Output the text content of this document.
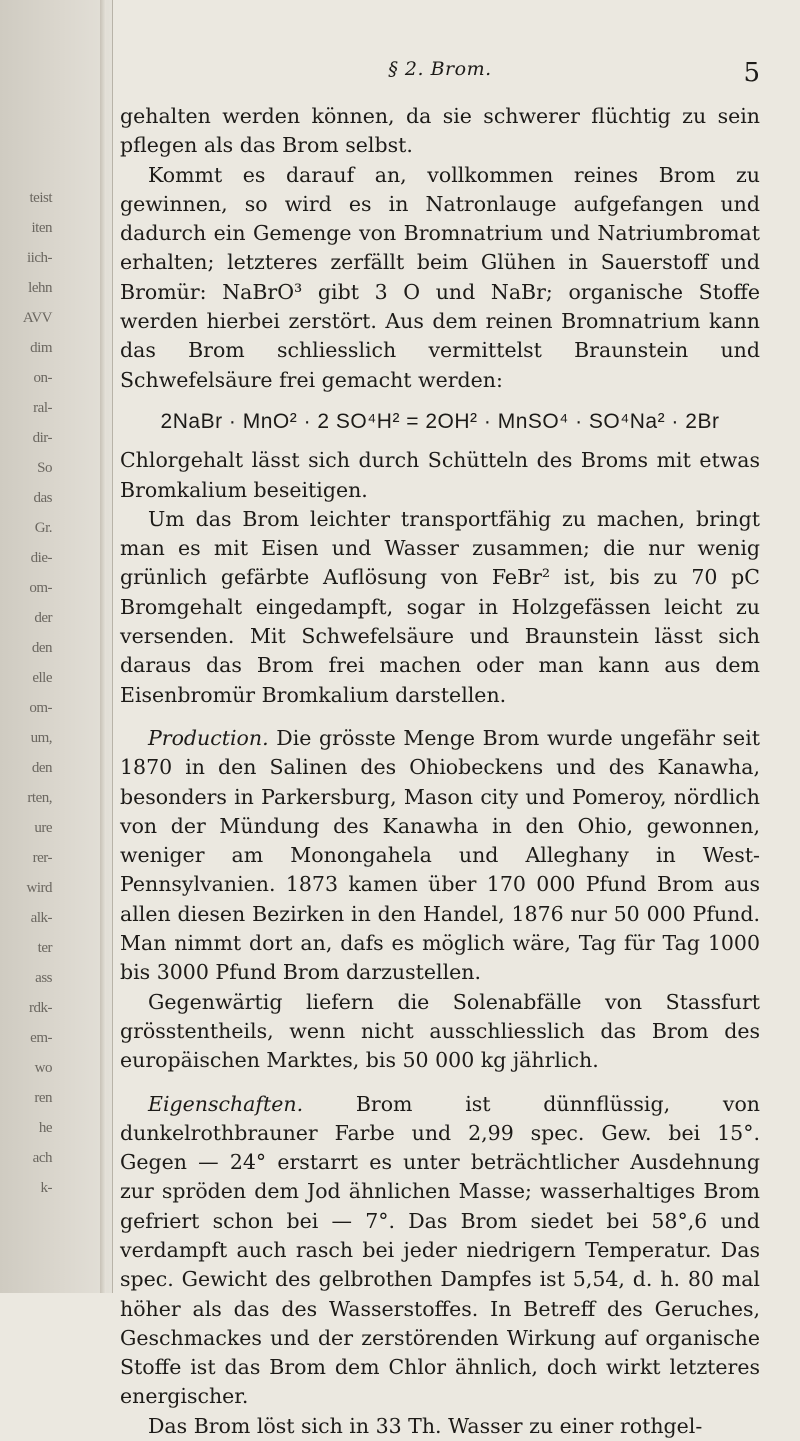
teist
iten
iich-
lehn
AVV
dim
on-
ral-
dir-
So
das
Gr.
die-
om-
der
den
elle
om-
um,
den
rten,
ure
rer-
wird
alk-
ter
ass
rdk-
em-
wo
ren
he
ach
k-
§ 2. Brom.	5

gehalten werden können, da sie schwerer flüchtig zu sein pflegen als das Brom selbst.

Kommt es darauf an, vollkommen reines Brom zu gewinnen, so wird es in Natronlauge aufgefangen und dadurch ein Gemenge von Bromnatrium und Natriumbromat erhalten; letzteres zerfällt beim Glühen in Sauerstoff und Bromür: NaBrO³ gibt 3 O und NaBr; organische Stoffe werden hierbei zerstört. Aus dem reinen Bromnatrium kann das Brom schliesslich vermittelst Braunstein und Schwefelsäure frei gemacht werden:

2NaBr · MnO² · 2 SO⁴H² = 2OH² · MnSO⁴ · SO⁴Na² · 2Br

Chlorgehalt lässt sich durch Schütteln des Broms mit etwas Bromkalium beseitigen.

Um das Brom leichter transportfähig zu machen, bringt man es mit Eisen und Wasser zusammen; die nur wenig grünlich gefärbte Auflösung von FeBr² ist, bis zu 70 pC Bromgehalt eingedampft, sogar in Holzgefässen leicht zu versenden. Mit Schwefelsäure und Braunstein lässt sich daraus das Brom frei machen oder man kann aus dem Eisenbromür Bromkalium darstellen.

Production. Die grösste Menge Brom wurde ungefähr seit 1870 in den Salinen des Ohiobeckens und des Kanawha, besonders in Parkersburg, Mason city und Pomeroy, nördlich von der Mündung des Kanawha in den Ohio, gewonnen, weniger am Monongahela und Alleghany in West-Pennsylvanien. 1873 kamen über 170 000 Pfund Brom aus allen diesen Bezirken in den Handel, 1876 nur 50 000 Pfund. Man nimmt dort an, dafs es möglich wäre, Tag für Tag 1000 bis 3000 Pfund Brom darzustellen.

Gegenwärtig liefern die Solenabfälle von Stassfurt grösstentheils, wenn nicht ausschliesslich das Brom des europäischen Marktes, bis 50 000 kg jährlich.

Eigenschaften. Brom ist dünnflüssig, von dunkelrothbrauner Farbe und 2,99 spec. Gew. bei 15°. Gegen — 24° erstarrt es unter beträchtlicher Ausdehnung zur spröden dem Jod ähnlichen Masse; wasserhaltiges Brom gefriert schon bei — 7°. Das Brom siedet bei 58°,6 und verdampft auch rasch bei jeder niedrigern Temperatur. Das spec. Gewicht des gelbrothen Dampfes ist 5,54, d. h. 80 mal höher als das des Wasserstoffes. In Betreff des Geruches, Geschmackes und der zerstörenden Wirkung auf organische Stoffe ist das Brom dem Chlor ähnlich, doch wirkt letzteres energischer.

Das Brom löst sich in 33 Th. Wasser zu einer rothgel-
